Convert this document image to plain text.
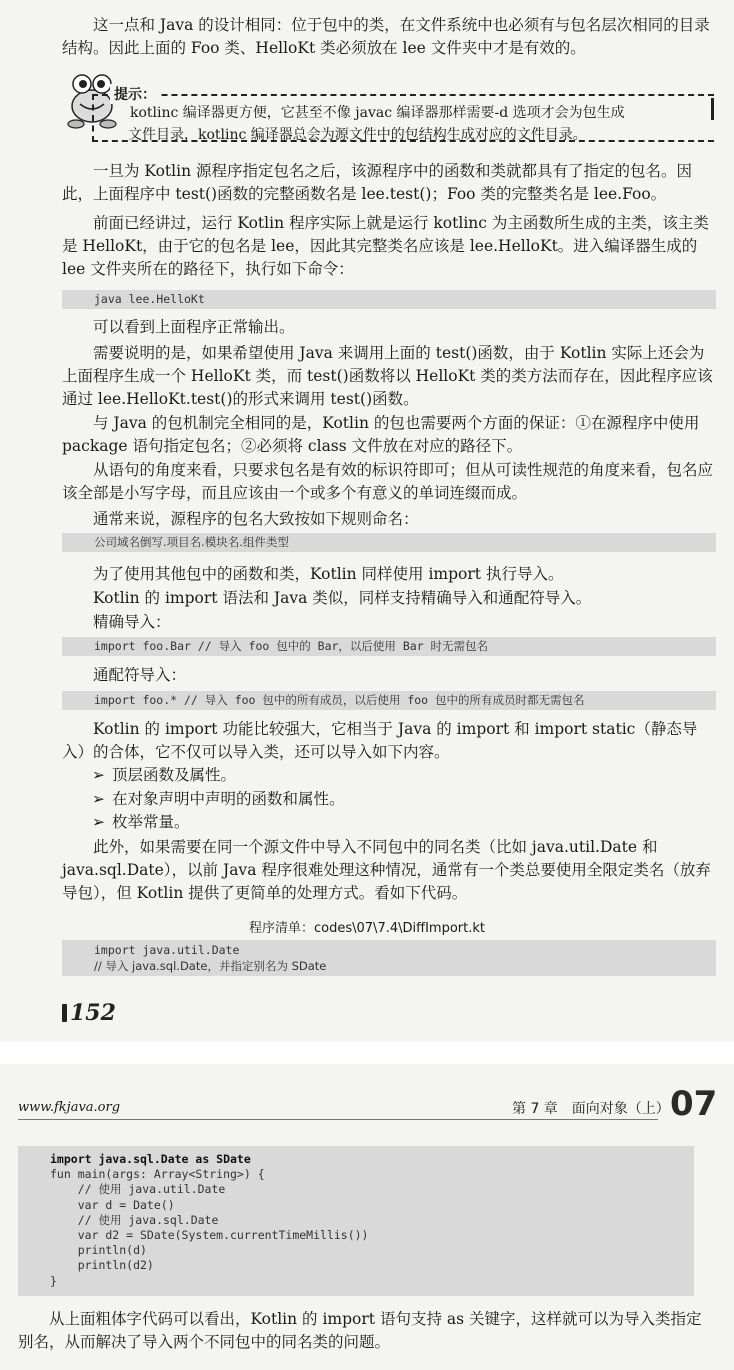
这一点和 Java 的设计相同：位于包中的类，在文件系统中也必须有与包名层次相同的目录结构。因此上面的 Foo 类、HelloKt 类必须放在 lee 文件夹中才是有效的。

提示：

kotlinc 编译器更方便，它甚至不像 javac 编译器那样需要-d 选项才会为包生成

文件目录，kotlinc 编译器总会为源文件中的包结构生成对应的文件目录。

一旦为 Kotlin 源程序指定包名之后，该源程序中的函数和类就都具有了指定的包名。因此，上面程序中 test()函数的完整函数名是 lee.test()；Foo 类的完整类名是 lee.Foo。

前面已经讲过，运行 Kotlin 程序实际上就是运行 kotlinc 为主函数所生成的主类，该主类是 HelloKt，由于它的包名是 lee，因此其完整类名应该是 lee.HelloKt。进入编译器生成的 lee 文件夹所在的路径下，执行如下命令：

java lee.HelloKt

可以看到上面程序正常输出。

需要说明的是，如果希望使用 Java 来调用上面的 test()函数，由于 Kotlin 实际上还会为上面程序生成一个 HelloKt 类，而 test()函数将以 HelloKt 类的类方法而存在，因此程序应该通过 lee.HelloKt.test()的形式来调用 test()函数。

与 Java 的包机制完全相同的是，Kotlin 的包也需要两个方面的保证：①在源程序中使用 package 语句指定包名；②必须将 class 文件放在对应的路径下。

从语句的角度来看，只要求包名是有效的标识符即可；但从可读性规范的角度来看，包名应该全部是小写字母，而且应该由一个或多个有意义的单词连缀而成。

通常来说，源程序的包名大致按如下规则命名：

公司域名倒写.项目名.模块名.组件类型

为了使用其他包中的函数和类，Kotlin 同样使用 import 执行导入。

Kotlin 的 import 语法和 Java 类似，同样支持精确导入和通配符导入。

精确导入：

import foo.Bar // 导入 foo 包中的 Bar，以后使用 Bar 时无需包名

通配符导入：

import foo.* // 导入 foo 包中的所有成员，以后使用 foo 包中的所有成员时都无需包名

Kotlin 的 import 功能比较强大，它相当于 Java 的 import 和 import static（静态导入）的合体，它不仅可以导入类，还可以导入如下内容。

➢ 顶层函数及属性。
➢ 在对象声明中声明的函数和属性。
➢ 枚举常量。

此外，如果需要在同一个源文件中导入不同包中的同名类（比如 java.util.Date 和 java.sql.Date），以前 Java 程序很难处理这种情况，通常有一个类总要使用全限定类名（放弃导包），但 Kotlin 提供了更简单的处理方式。看如下代码。

程序清单：codes\07\7.4\DiffImport.kt
import java.util.Date
// 导入 java.sql.Date，并指定别名为 SDate
152
www.fkjava.org	第 7 章　面向对象（上） 07
import java.sql.Date as SDate
fun main(args: Array<String>) {
// 使用 java.util.Date
var d = Date()
// 使用 java.sql.Date
var d2 = SDate(System.currentTimeMillis())
println(d)
println(d2)
}

从上面粗体字代码可以看出，Kotlin 的 import 语句支持 as 关键字，这样就可以为导入类指定别名，从而解决了导入两个不同包中的同名类的问题。
